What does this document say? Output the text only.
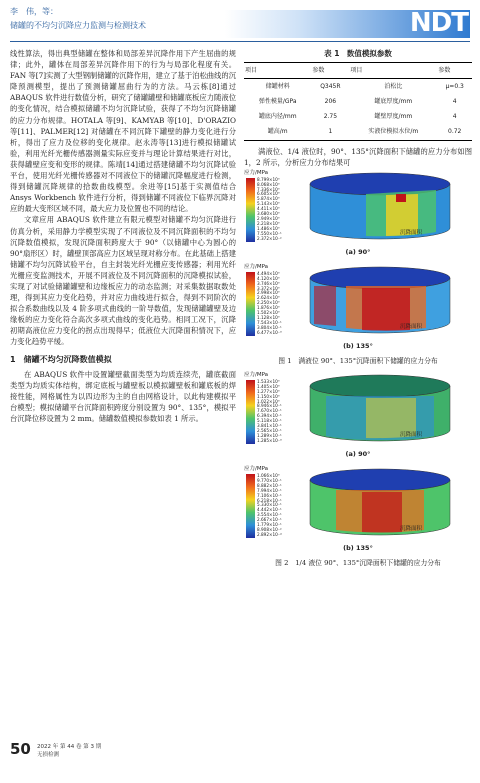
李　伟，等：
储罐的不均匀沉降应力监测与检测技术	NDT

线性算法，得出典型储罐在整体和局部差异沉降作用下产生屈曲的规律；此外，罐体在局部差异沉降作用下的行为与局部化程度有关。FAN 等[7]实测了大型钢制储罐的沉降作用，建立了基于泊松曲线的沉降预测模型，提出了预测储罐屈曲行为的方法。马云栋[8]通过 ABAQUS 软件进行数值分析，研究了储罐罐壁和储罐底板应力随液位的变化情况，结合模拟储罐不均匀沉降试验，获得了不均匀沉降储罐的应力分布规律。HOTALA 等[9]、KAMYAB 等[10]、D'ORAZIO 等[11]、PALMER[12] 对储罐在不同沉降下罐壁的静力变化进行分析，得出了应力及位移的变化规律。赵永涛等[13]进行模拟储罐试验，利用光纤光栅传感器测量实际应变并与理论计算结果进行对比，获得罐壁应变和变形的规律。陈靖[14]通过搭建储罐不均匀沉降试验平台，使用光纤光栅传感器对不同液位下的储罐沉降幅度进行检测，得到储罐沉降规律的拾数曲线模型。余进等[15]基于实测值结合 Ansys Workbench 软件进行分析，得到储罐不同液位下临界沉降对应的最大变形区域不同，最大应力及位置也不同的结论。

文章应用 ABAQUS 软件建立有限元模型对储罐不均匀沉降进行仿真分析，采用静力学模型实现了不同液位及不同沉降面积的不均匀沉降数值模拟，发现沉降面积跨度大于 90°（以储罐中心为圆心的 90°扇形区）时，罐壁顶部高应力区域呈现对称分布。在此基础上搭建储罐不均匀沉降试验平台，自主封装光纤光栅应变传感器；利用光纤光栅应变监测技术，开展不同液位及不同沉降面积的沉降模拟试验，实现了对试验储罐罐壁和边缘板应力的动态监测；对采集数据取数处理，得到其应力变化趋势，并对应力曲线进行拟合，得到不同阶次的拟合系数曲线以及 4 阶多项式曲线的一阶导数值，发现储罐罐壁及边缘板的应力变化符合高次多项式曲线的变化趋势。相同工况下，沉降初期高液位应力变化的拐点出现得早；低液位大沉降面积情况下，应力变化趋势平缓。

1　储罐不均匀沉降数值模拟

在 ABAQUS 软件中设置罐壁截面类型为均质连续壳，罐底截面类型为均质实体结构，绑定底板与罐壁板以模拟罐壁板和罐底板的焊接性能，网格属性为以四边形为主的自由网格设计，以此构建模拟平台模型；模拟储罐平台沉降面积跨度分别设置为 90°、135°，模拟平台沉降位移设置为 2 mm。储罐数值模拟参数如表 1 所示。

表 1　数值模拟参数
项目	参数	项目	参数
储罐材料	Q345R	泊松比	μ=0.3
弹性模量/GPa	206	罐底厚度/mm	4
罐底内径/mm	2.75	罐壁厚度/mm	4
罐高/m	1	实液位模拟水位/m	0.72

满液位、1/4 液位时，90°、135°沉降面积下储罐的应力分布如图 1，2 所示，分析应力分布结果可

应力/MPa
8.799×10⁰
8.068×10⁰
7.336×10⁰
6.605×10⁰
5.874×10⁰
5.143×10⁰
4.411×10⁰
3.680×10⁰
2.949×10⁰
2.218×10⁰
1.486×10⁰
7.550×10⁻¹
2.372×10⁻²
沉降面积
(a) 90°
应力/MPa
4.494×10⁰
4.120×10⁰
3.746×10⁰
3.372×10⁰
2.998×10⁰
2.624×10⁰
2.250×10⁰
1.876×10⁰
1.502×10⁰
1.128×10⁰
7.543×10⁻¹
3.804×10⁻¹
6.477×10⁻³
沉降面积
(b) 135°
图 1　满液位 90°、135°沉降面积下储罐的应力分布
应力/MPa
1.533×10⁰
1.405×10⁰
1.277×10⁰
1.150×10⁰
1.022×10⁰
8.946×10⁻¹
7.670×10⁻¹
6.394×10⁻¹
5.118×10⁻¹
3.841×10⁻¹
2.565×10⁻¹
1.289×10⁻¹
1.285×10⁻³
沉降面积
(a) 90°
应力/MPa
1.066×10⁰
9.770×10⁻¹
8.882×10⁻¹
7.994×10⁻¹
7.106×10⁻¹
6.218×10⁻¹
5.330×10⁻¹
4.442×10⁻¹
3.554×10⁻¹
2.667×10⁻¹
1.779×10⁻¹
8.908×10⁻²
2.892×10⁻⁴
沉降面积
(b) 135°
图 2　1/4 液位 90°、135°沉降面积下储罐的应力分布
50 2022 年 第 44 卷 第 3 期
无损检测
